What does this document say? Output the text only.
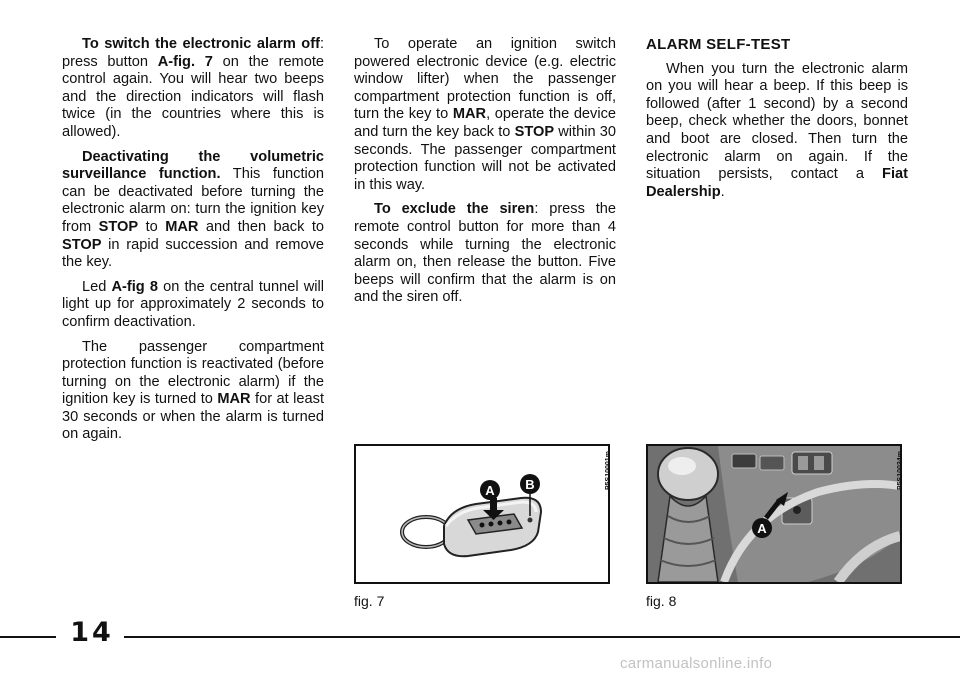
To switch the electronic alarm off: press button A-fig. 7 on the remote control again. You will hear two beeps and the direction indicators will flash twice (in the countries where this is allowed).

Deactivating the volumetric surveillance function. This function can be deactivated before turning the electronic alarm on: turn the ignition key from STOP to MAR and then back to STOP in rapid succession and remove the key.

Led A-fig 8 on the central tunnel will light up for approximately 2 seconds to confirm deactivation.

The passenger compartment protection function is reactivated (before turning on the electronic alarm) if the ignition key is turned to MAR for at least 30 seconds or when the alarm is turned on again.

To operate an ignition switch powered electronic device (e.g. electric window lifter) when the passenger compartment protection function is off, turn the key to MAR, operate the device and turn the key back to STOP within 30 seconds. The passenger compartment protection function will not be activated in this way.

To exclude the siren: press the remote control button for more than 4 seconds while turning the electronic alarm on, then release the button. Five beeps will confirm that the alarm is on and the siren off.

ALARM SELF-TEST

When you turn the electronic alarm on you will hear a beep. If this beep is followed (after 1 second) by a second beep, check whether the doors, bonnet and boot are closed. Then turn the electronic alarm on again. If the situation persists, contact a Fiat Dealership.

A B	P5S10001m
fig. 7
A
P5S10034m
fig. 8
14
carmanualsonline.info
